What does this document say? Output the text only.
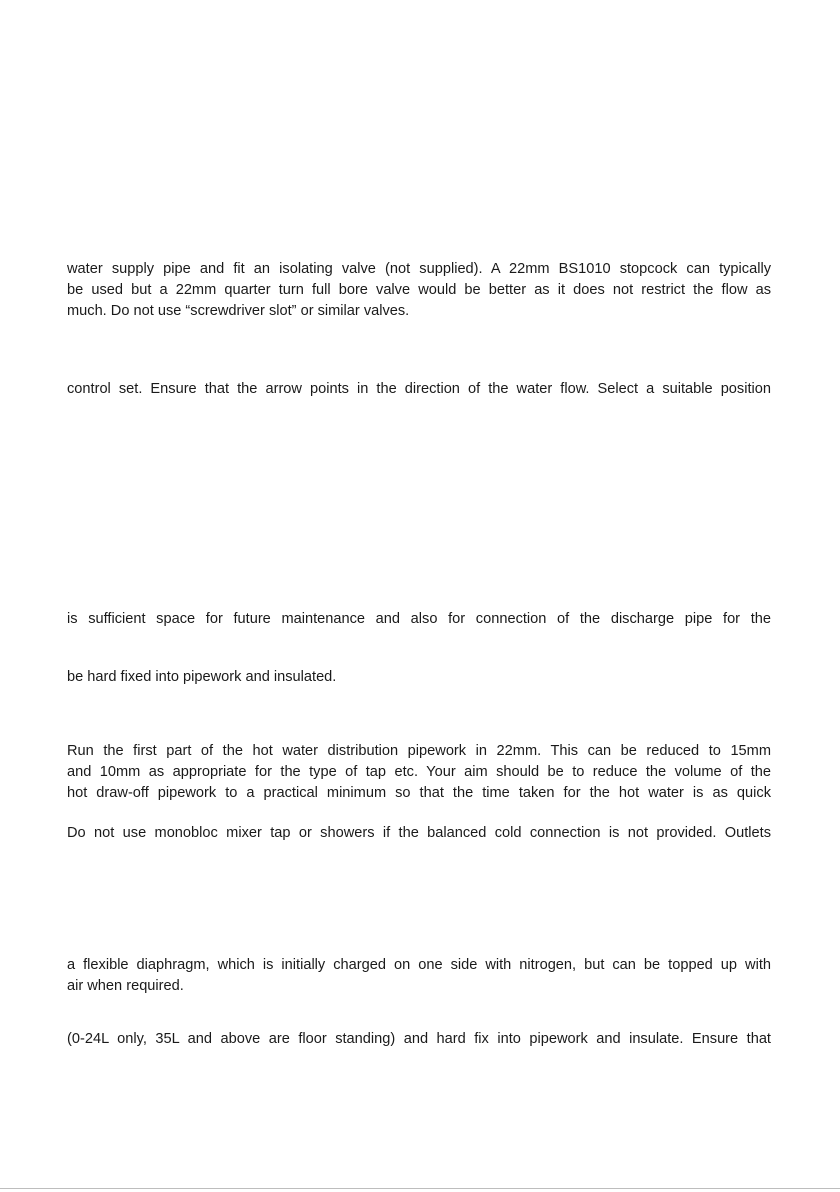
water supply pipe and fit an isolating valve (not supplied). A 22mm BS1010 stopcock can typically
be used but a 22mm quarter turn full bore valve would be better as it does not restrict the flow as
much. Do not use “screwdriver slot” or similar valves.

control set. Ensure that the arrow points in the direction of the water flow. Select a suitable position

is sufficient space for future maintenance and also for connection of the discharge pipe for the

be hard fixed into pipework and insulated.

Run the first part of the hot water distribution pipework in 22mm. This can be reduced to 15mm
and 10mm as appropriate for the type of tap etc. Your aim should be to reduce the volume of the
hot draw-off pipework to a practical minimum so that the time taken for the hot water is as quick

Do not use monobloc mixer tap or showers if the balanced cold connection is not provided. Outlets

a flexible diaphragm, which is initially charged on one side with nitrogen, but can be topped up with
air when required.

(0-24L only, 35L and above are floor standing) and hard fix into pipework and insulate. Ensure that
